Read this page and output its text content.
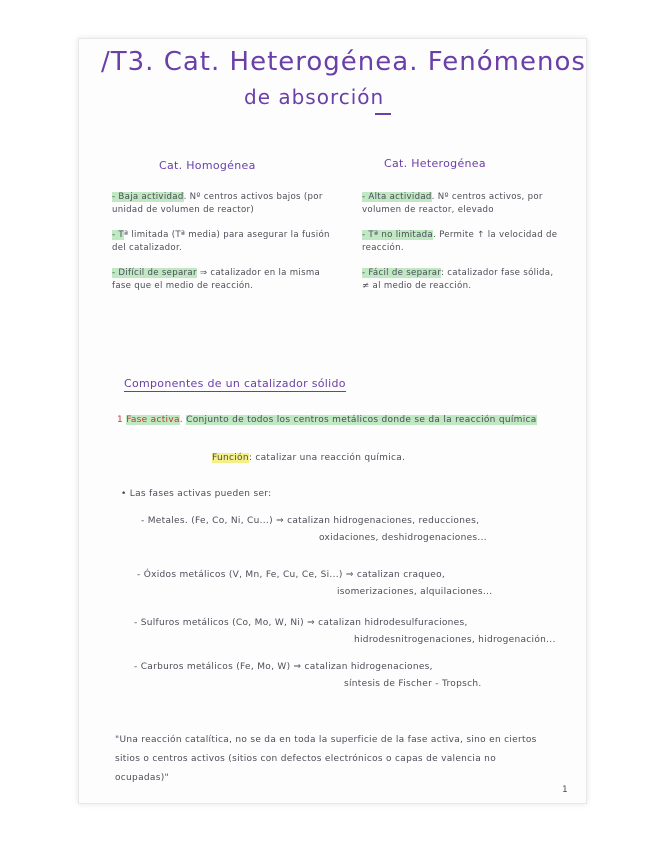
/T3. Cat. Heterogénea. Fenómenos
de absorción
Cat. Homogénea	Cat. Heterogénea
- Baja actividad. Nº centros activos bajos (por unidad de volumen de reactor)
- Tª limitada (Tª media) para asegurar la fusión del catalizador.
- Difícil de separar ⇒ catalizador en la misma fase que el medio de reacción.
- Alta actividad. Nº centros activos, por volumen de reactor, elevado
- Tª no limitada. Permite ↑ la velocidad de reacción.
- Fácil de separar: catalizador fase sólida, ≠ al medio de reacción.
Componentes de un catalizador sólido
1 Fase activa. Conjunto de todos los centros metálicos donde se da la reacción química
Función: catalizar una reacción química.
• Las fases activas pueden ser:
- Metales. (Fe, Co, Ni, Cu...) ⇒ catalizan hidrogenaciones, reducciones,
oxidaciones, deshidrogenaciones...
- Óxidos metálicos (V, Mn, Fe, Cu, Ce, Si...) ⇒ catalizan craqueo,
isomerizaciones, alquilaciones...
- Sulfuros metálicos (Co, Mo, W, Ni) ⇒ catalizan hidrodesulfuraciones,
hidrodesnitrogenaciones, hidrogenación...
- Carburos metálicos (Fe, Mo, W) ⇒ catalizan hidrogenaciones,
síntesis de Fischer - Tropsch.
"Una reacción catalítica, no se da en toda la superficie de la fase activa, sino en ciertos sitios o centros activos (sitios con defectos electrónicos o capas de valencia no ocupadas)"
1
